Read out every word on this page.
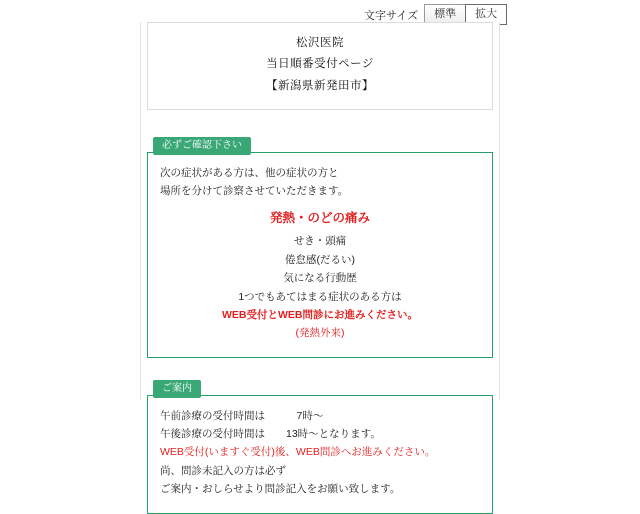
文字サイズ	標準	拡大
松沢医院
当日順番受付ページ
【新潟県新発田市】
必ずご確認下さい
次の症状がある方は、他の症状の方と
場所を分けて診察させていただきます。
発熱・のどの痛み
せき・頭痛
倦怠感(だるい)
気になる行動歴
1つでもあてはまる症状のある方は
WEB受付とWEB問診にお進みください。
(発熱外来)
ご案内
午前診療の受付時間は　　　7時〜
午後診療の受付時間は　　13時〜となります。
WEB受付(いますぐ受付)後、WEB問診へお進みください。
尚、問診未記入の方は必ず
ご案内・おしらせより問診記入をお願い致します。
